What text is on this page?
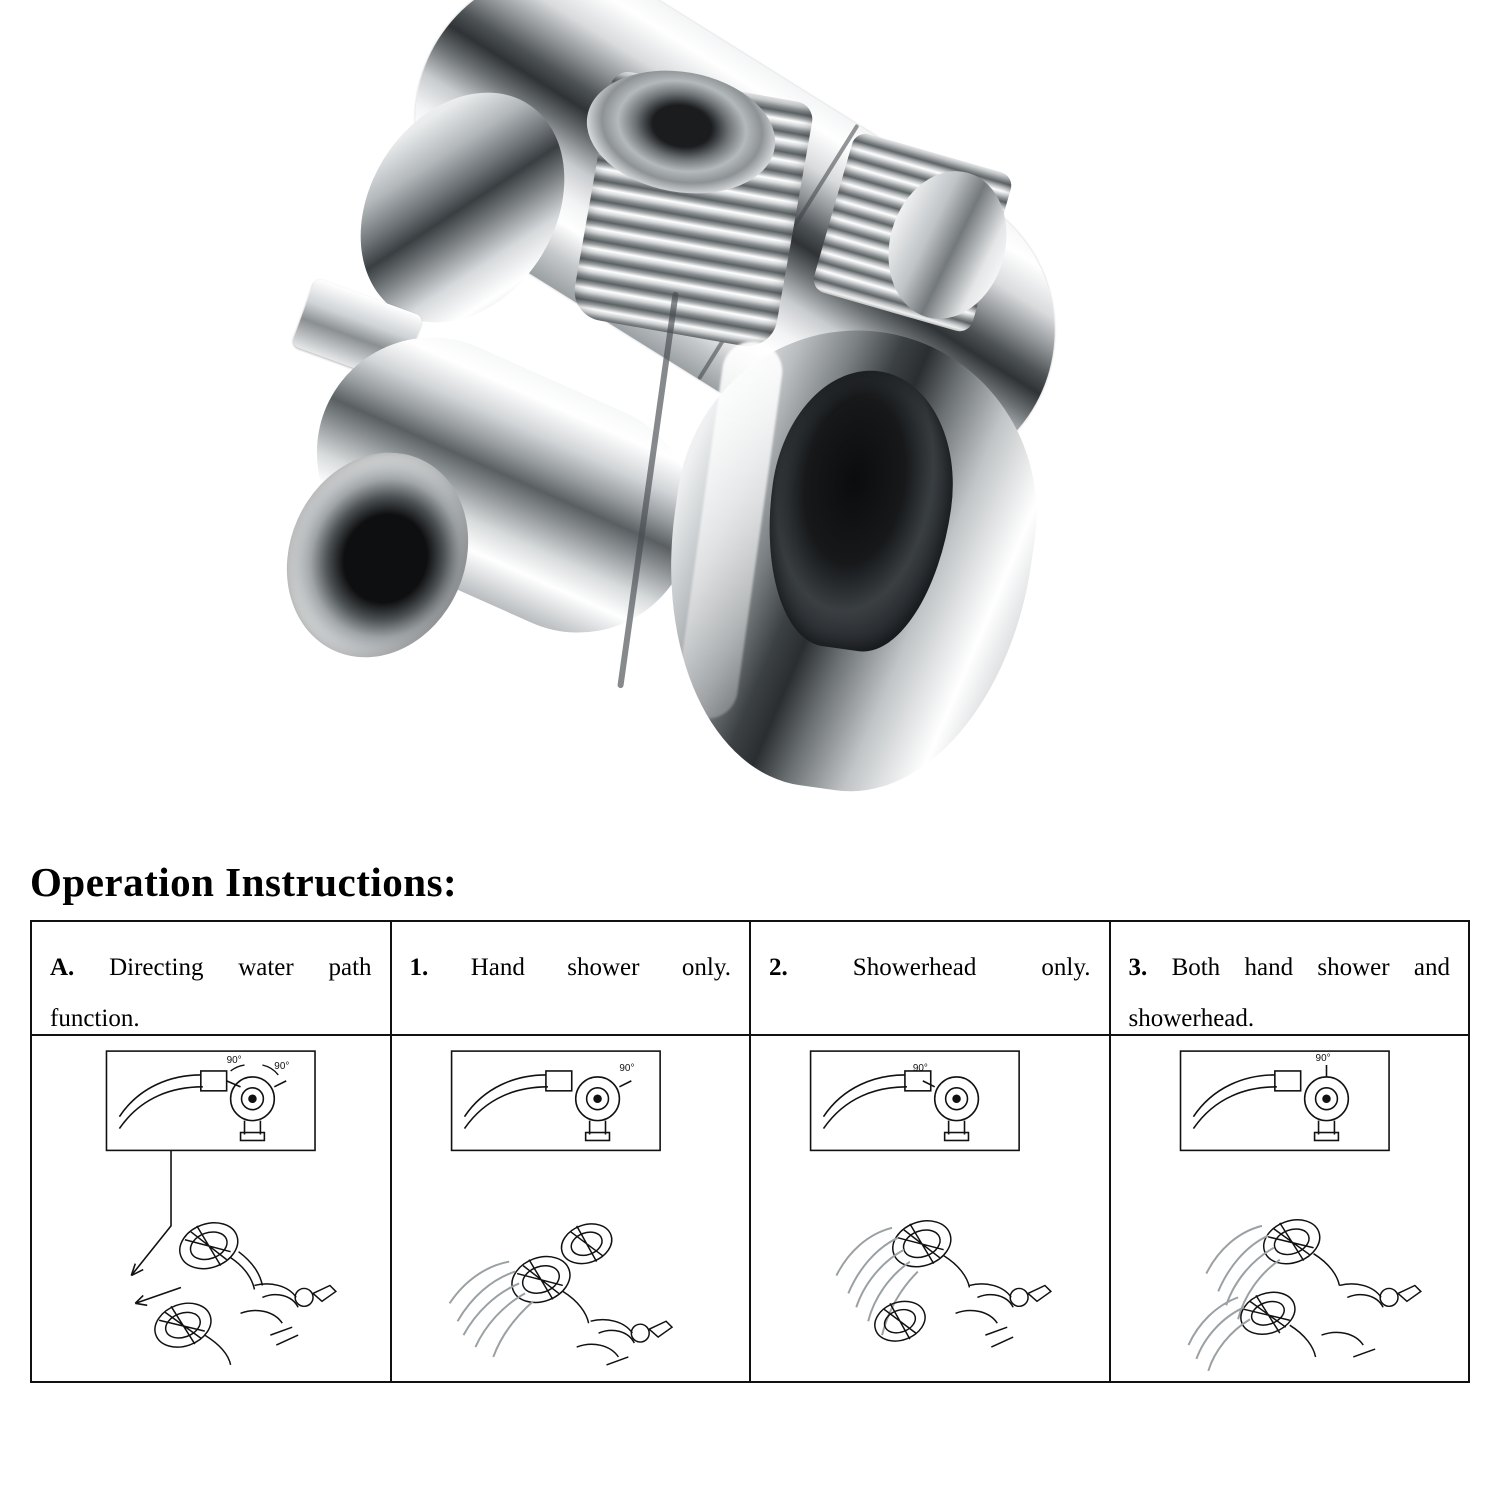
Operation Instructions:
A. Directing water path function.	1. Hand shower only.	2. Showerhead only.	3. Both hand shower and showerhead.

90°
90°	90°	90°	90°
